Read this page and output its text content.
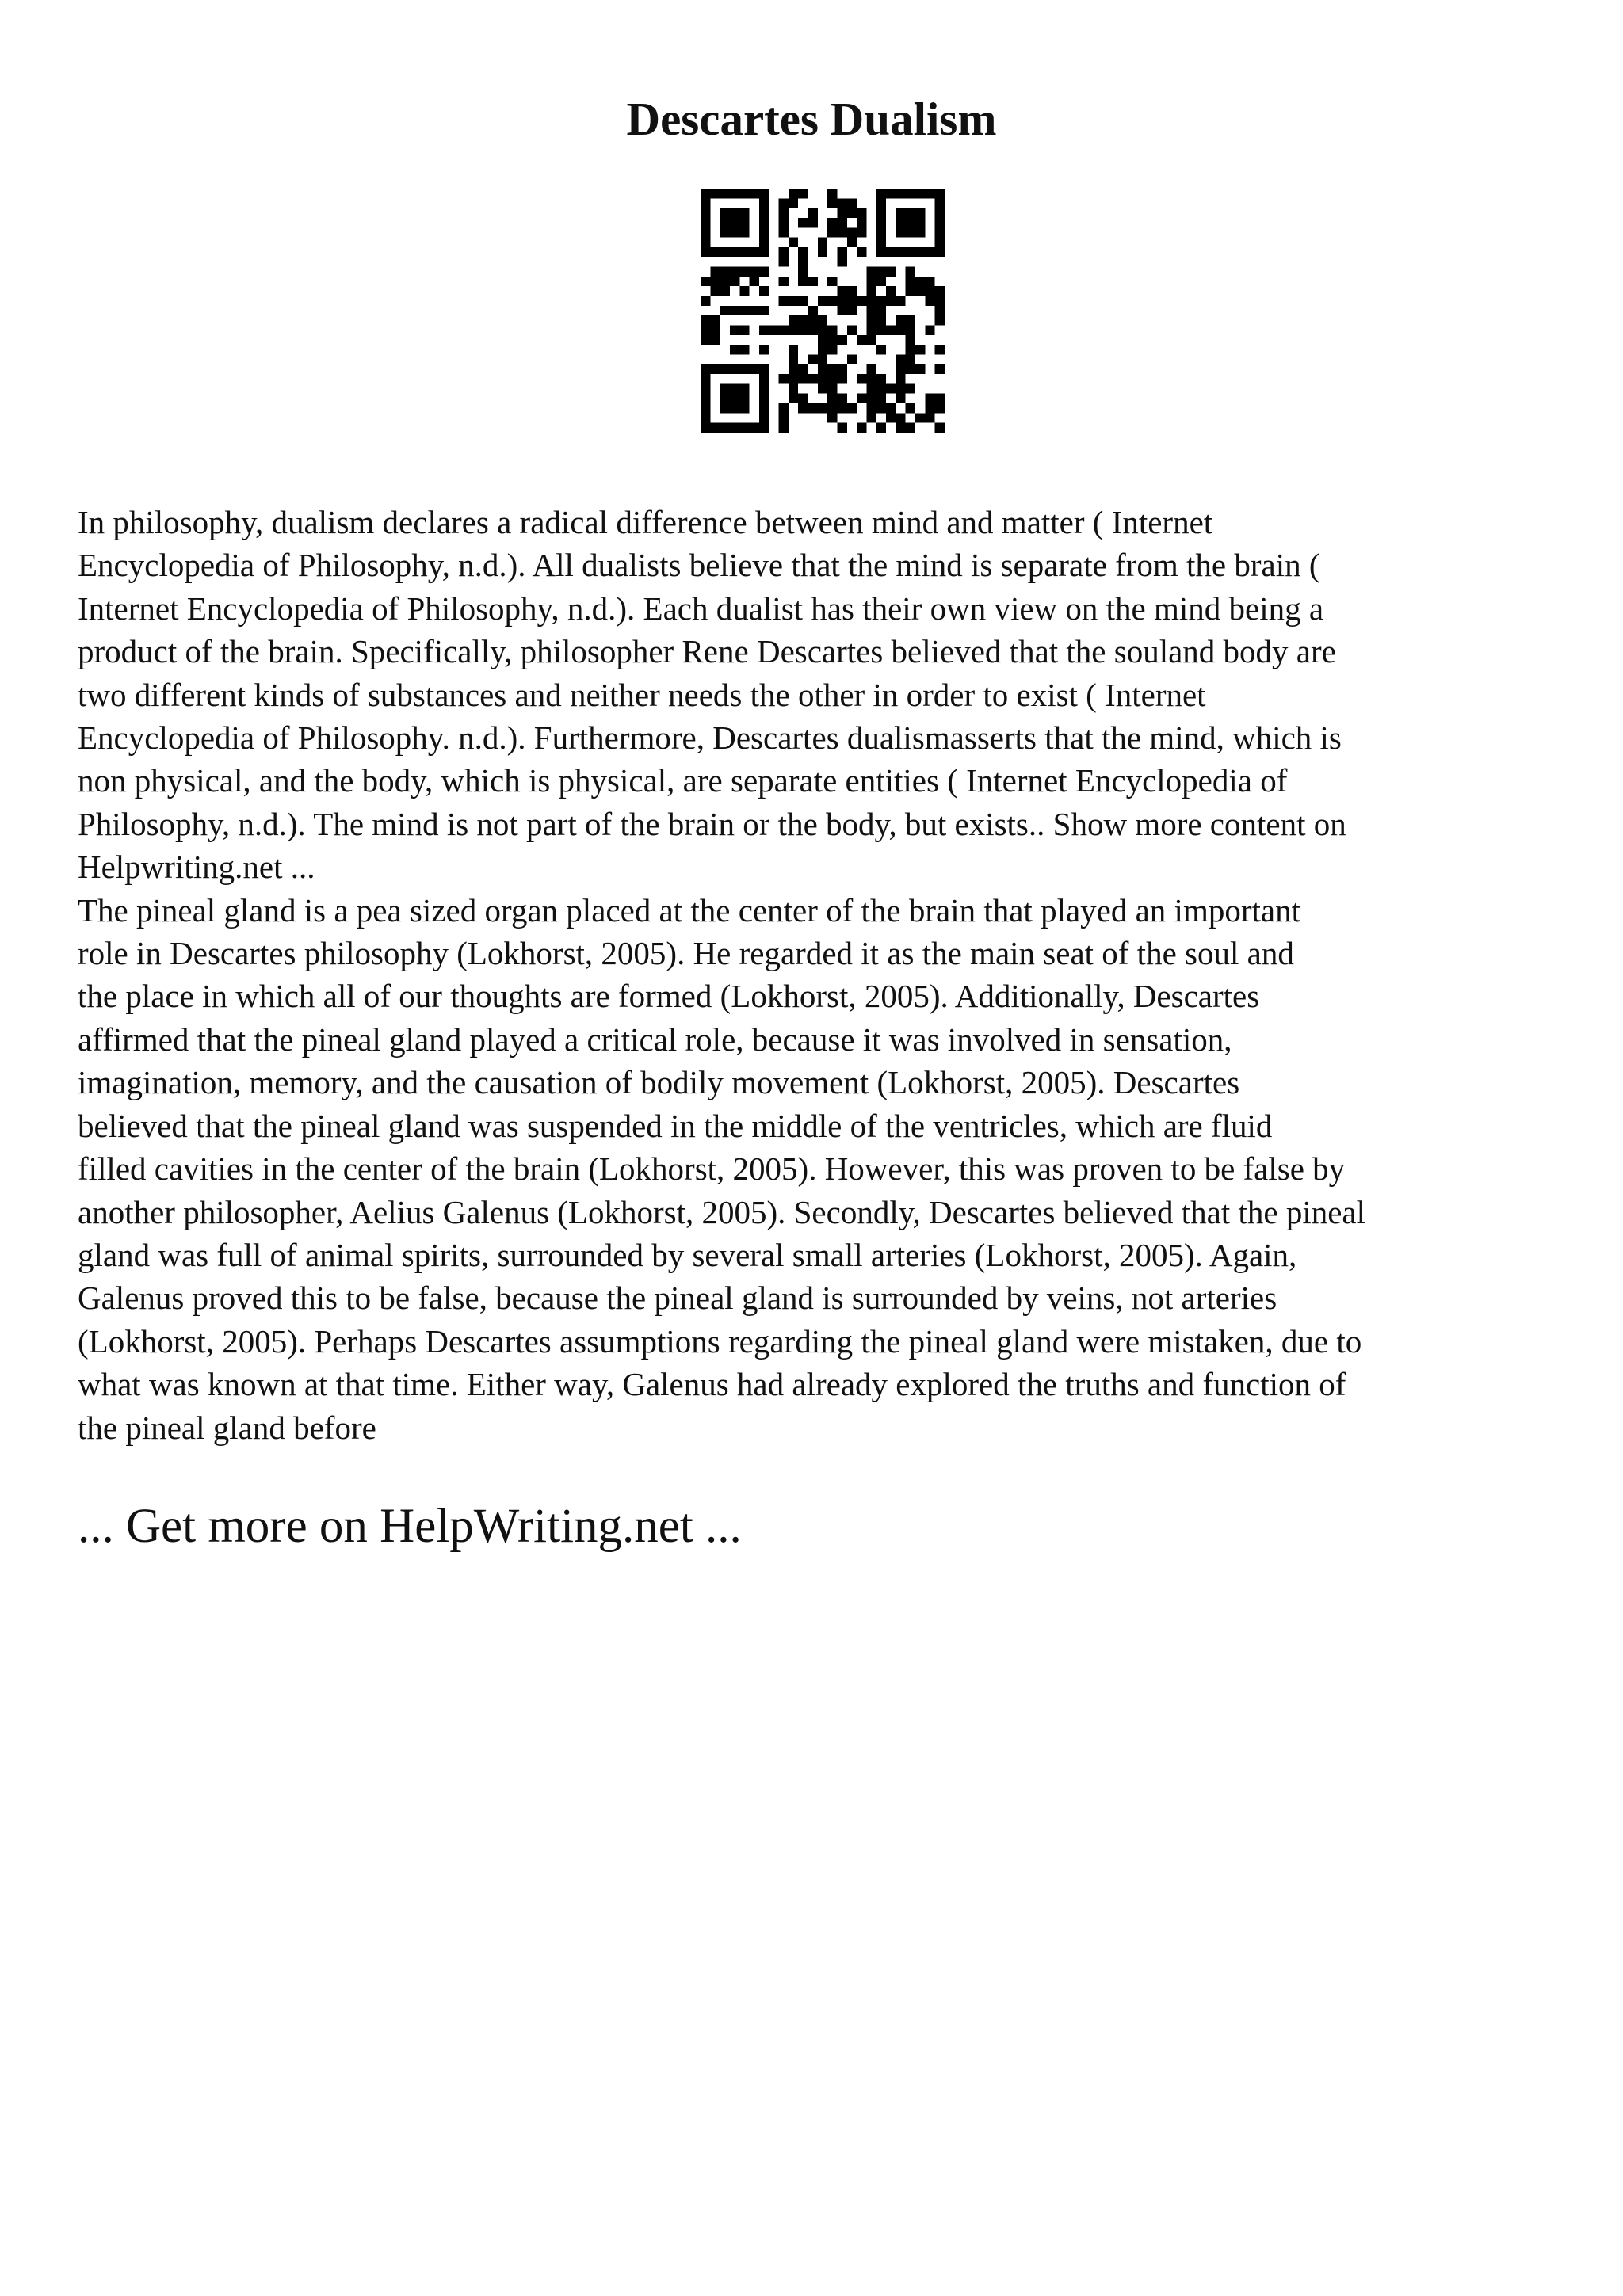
Descartes Dualism

In philosophy, dualism declares a radical difference between mind and matter ( Internet
Encyclopedia of Philosophy, n.d.). All dualists believe that the mind is separate from the brain (
Internet Encyclopedia of Philosophy, n.d.). Each dualist has their own view on the mind being a
product of the brain. Specifically, philosopher Rene Descartes believed that the souland body are
two different kinds of substances and neither needs the other in order to exist ( Internet
Encyclopedia of Philosophy. n.d.). Furthermore, Descartes dualismasserts that the mind, which is
non physical, and the body, which is physical, are separate entities ( Internet Encyclopedia of
Philosophy, n.d.). The mind is not part of the brain or the body, but exists.. Show more content on
Helpwriting.net ...

The pineal gland is a pea sized organ placed at the center of the brain that played an important
role in Descartes philosophy (Lokhorst, 2005). He regarded it as the main seat of the soul and
the place in which all of our thoughts are formed (Lokhorst, 2005). Additionally, Descartes
affirmed that the pineal gland played a critical role, because it was involved in sensation,
imagination, memory, and the causation of bodily movement (Lokhorst, 2005). Descartes
believed that the pineal gland was suspended in the middle of the ventricles, which are fluid
filled cavities in the center of the brain (Lokhorst, 2005). However, this was proven to be false by
another philosopher, Aelius Galenus (Lokhorst, 2005). Secondly, Descartes believed that the pineal
gland was full of animal spirits, surrounded by several small arteries (Lokhorst, 2005). Again,
Galenus proved this to be false, because the pineal gland is surrounded by veins, not arteries
(Lokhorst, 2005). Perhaps Descartes assumptions regarding the pineal gland were mistaken, due to
what was known at that time. Either way, Galenus had already explored the truths and function of
the pineal gland before

... Get more on HelpWriting.net ...
